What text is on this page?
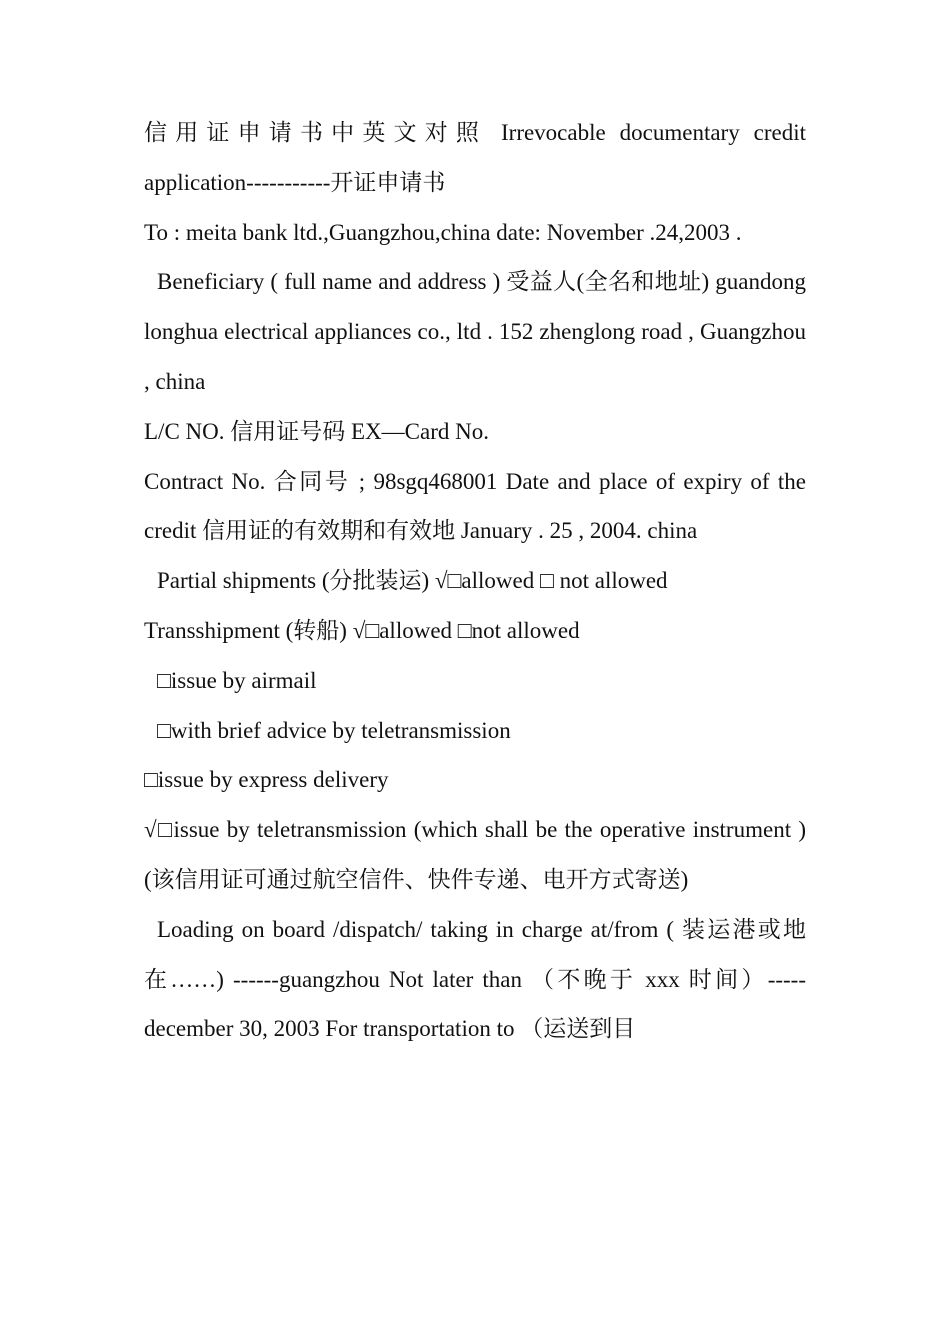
信用证申请书中英文对照 Irrevocable documentary credit application-----------开证申请书

To : meita bank ltd.,Guangzhou,china date: November .24,2003 .

Beneficiary ( full name and address ) 受益人(全名和地址) guandong longhua electrical appliances co., ltd . 152 zhenglong road , Guangzhou , china

L/C NO. 信用证号码 EX—Card No.

Contract No. 合同号 ; 98sgq468001 Date and place of expiry of the credit 信用证的有效期和有效地 January . 25 , 2004. china

Partial shipments (分批装运) √□allowed □ not allowed

Transshipment (转船) √□allowed □not allowed

□issue by airmail

□with brief advice by teletransmission

□issue by express delivery

√□issue by teletransmission (which shall be the operative instrument ) (该信用证可通过航空信件、快件专递、电开方式寄送)

Loading on board /dispatch/ taking in charge at/from ( 装运港或地在……) ------guangzhou Not later than （不晚于 xxx 时间）----- december 30, 2003 For transportation to （运送到目
